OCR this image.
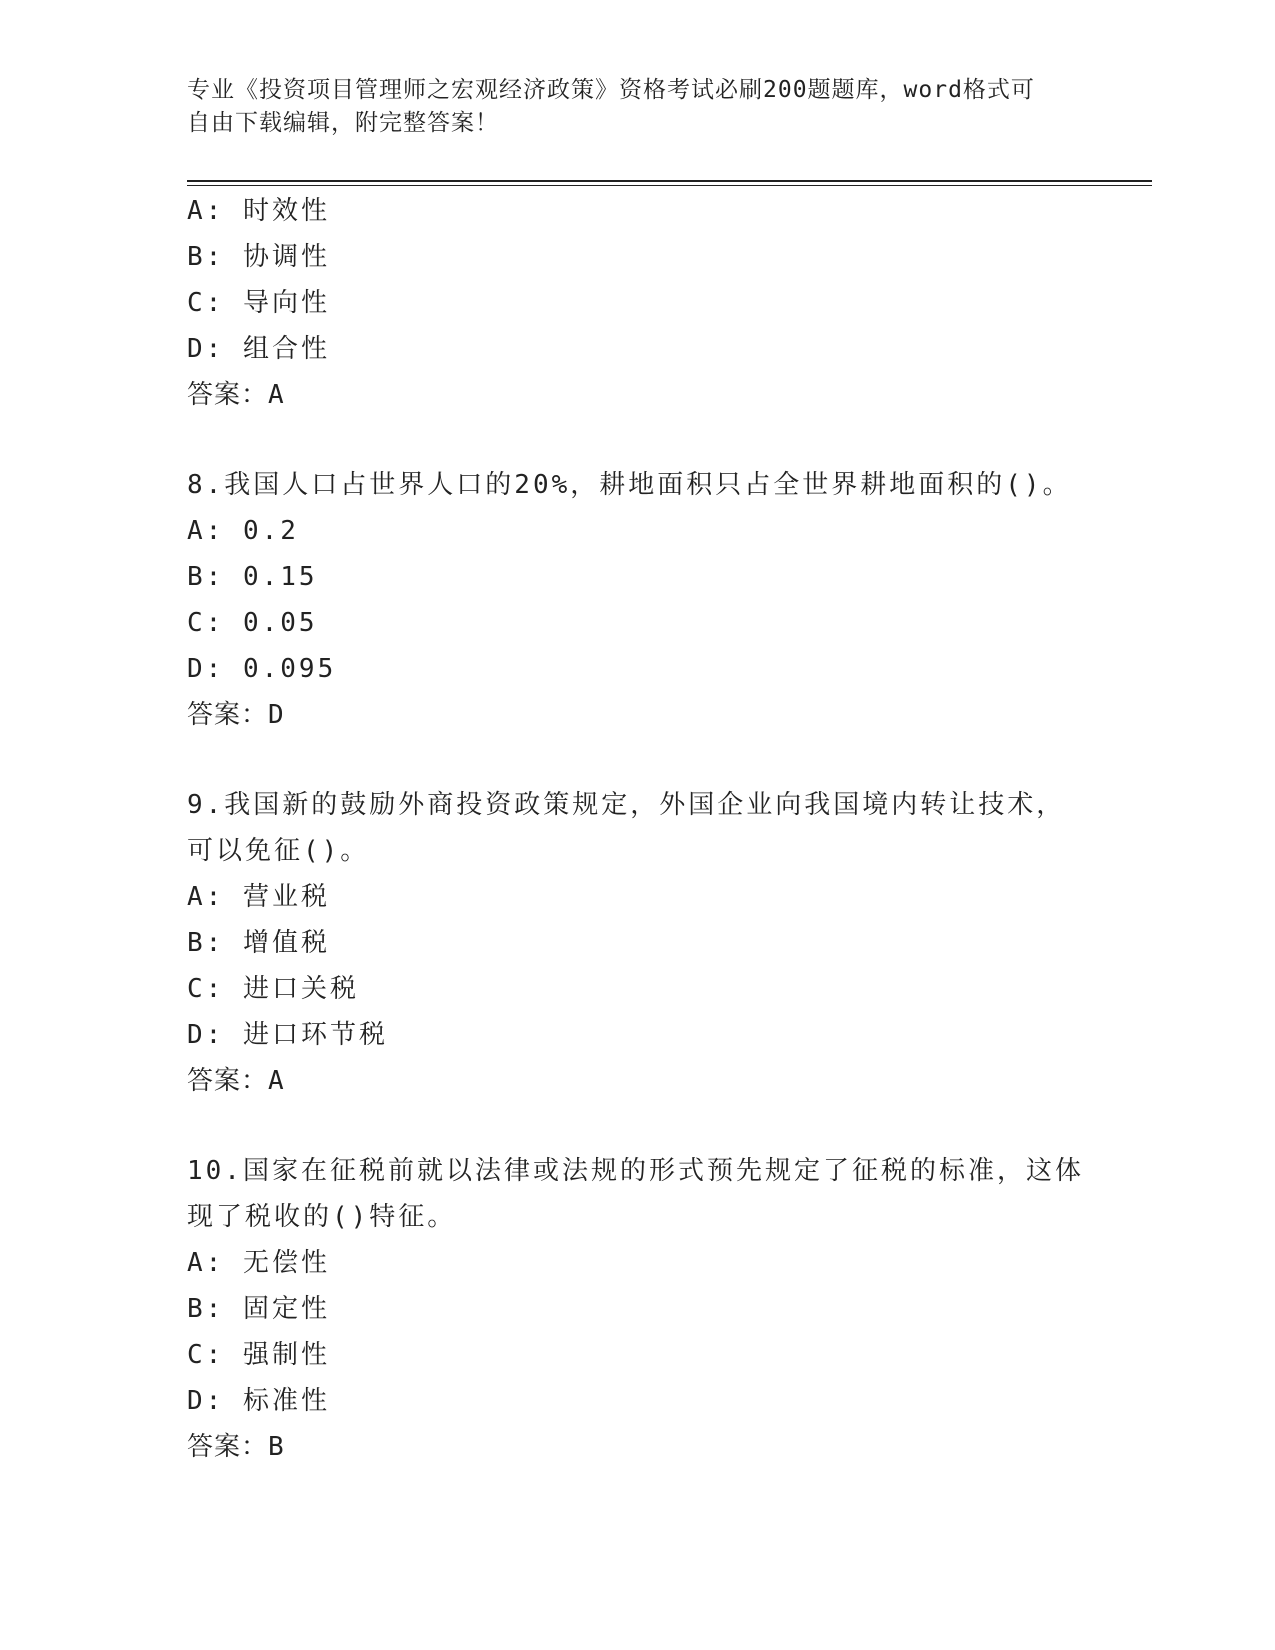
专业《投资项目管理师之宏观经济政策》资格考试必刷200题题库，word格式可
自由下载编辑，附完整答案！
A: 时效性
B: 协调性
C: 导向性
D: 组合性
答案：A
8.我国人口占世界人口的20%，耕地面积只占全世界耕地面积的()。
A: 0.2
B: 0.15
C: 0.05
D: 0.095
答案：D
9.我国新的鼓励外商投资政策规定，外国企业向我国境内转让技术，
可以免征()。
A: 营业税
B: 增值税
C: 进口关税
D: 进口环节税
答案：A
10.国家在征税前就以法律或法规的形式预先规定了征税的标准，这体
现了税收的()特征。
A: 无偿性
B: 固定性
C: 强制性
D: 标准性
答案：B
